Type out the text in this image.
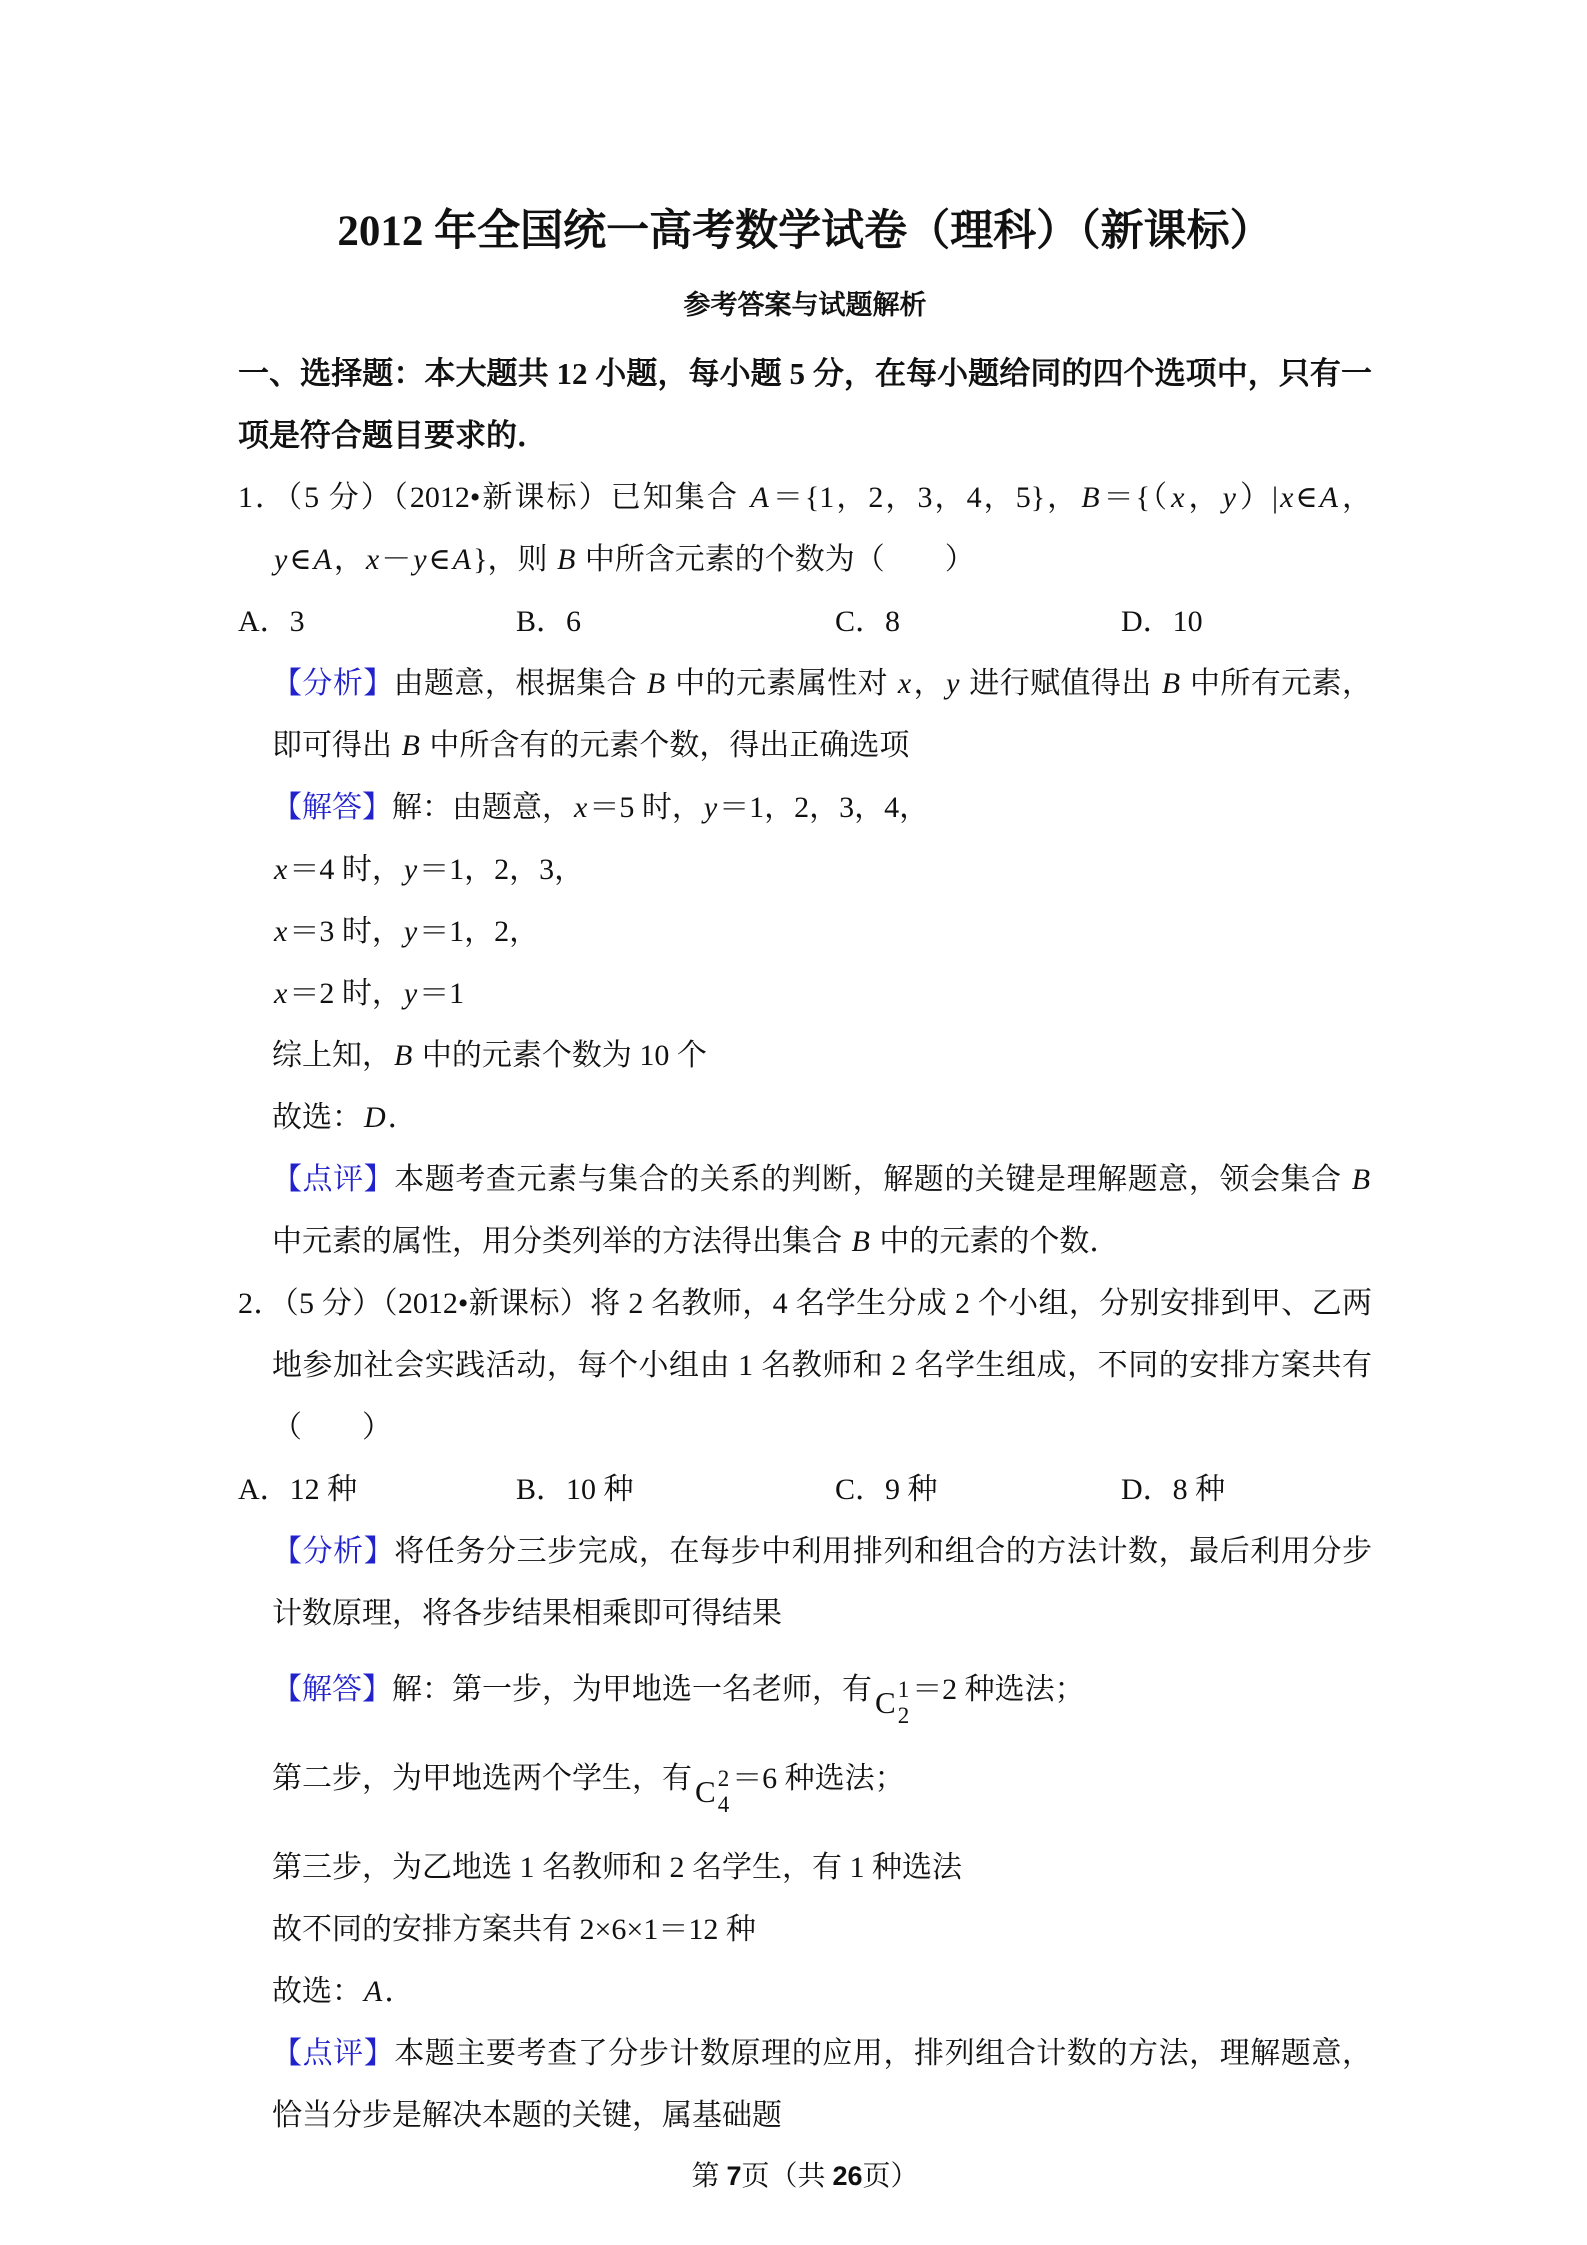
2012 年全国统一高考数学试卷（理科）（新课标）
参考答案与试题解析
一、选择题：本大题共 12 小题，每小题 5 分，在每小题给同的四个选项中，只有一项是符合题目要求的．
1．（5 分）（2012•新课标）已知集合 A＝{1，2，3，4，5}，B＝{（x，y）|x∈A，y∈A，x－y∈A}，则 B 中所含元素的个数为（　　）
A．3	B．6	C．8	D．10
【分析】由题意，根据集合 B 中的元素属性对 x，y 进行赋值得出 B 中所有元素，即可得出 B 中所含有的元素个数，得出正确选项
【解答】解：由题意，x＝5 时，y＝1，2，3，4，
x＝4 时，y＝1，2，3，
x＝3 时，y＝1，2，
x＝2 时，y＝1
综上知，B 中的元素个数为 10 个
故选：D．
【点评】本题考查元素与集合的关系的判断，解题的关键是理解题意，领会集合 B 中元素的属性，用分类列举的方法得出集合 B 中的元素的个数．
2．（5 分）（2012•新课标）将 2 名教师，4 名学生分成 2 个小组，分别安排到甲、乙两地参加社会实践活动，每个小组由 1 名教师和 2 名学生组成，不同的安排方案共有（　　）
A．12 种	B．10 种	C．9 种	D．8 种
【分析】将任务分三步完成，在每步中利用排列和组合的方法计数，最后利用分步计数原理，将各步结果相乘即可得结果
【解答】解：第一步，为甲地选一名老师，有 C 1
2
＝2 种选法；
第二步，为甲地选两个学生，有 C 2
4
＝6 种选法；
第三步，为乙地选 1 名教师和 2 名学生，有 1 种选法
故不同的安排方案共有 2×6×1＝12 种
故选：A．
【点评】本题主要考查了分步计数原理的应用，排列组合计数的方法，理解题意，恰当分步是解决本题的关键，属基础题
第 7页（共 26页）
